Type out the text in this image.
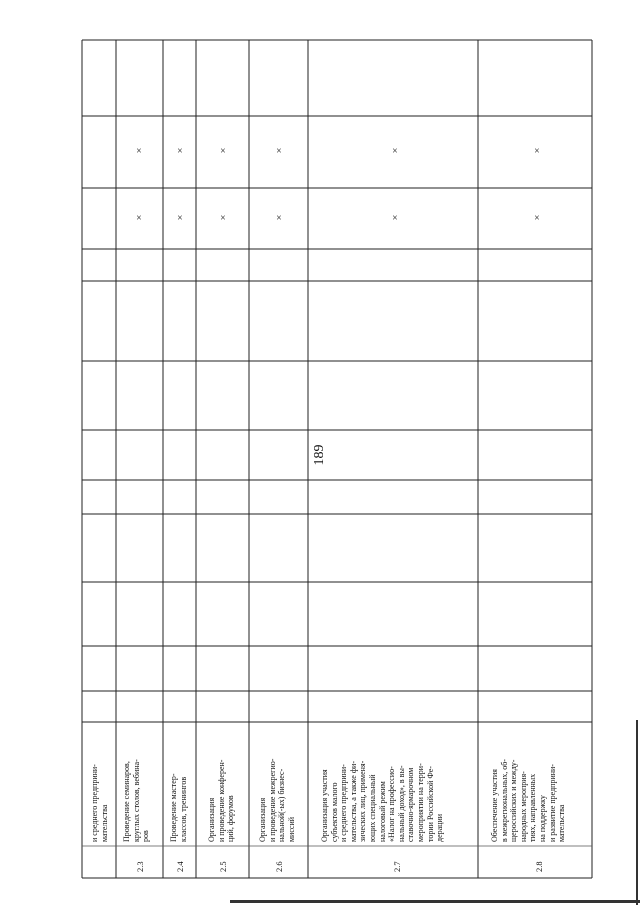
189
и среднего предприни-
мательства Проведение семинаров,
круглых столов, вебина-
ров
2.3
Проведение мастер-
классов, тренингов
2.4
Организация
и проведение конферен-
ций, форумов
2.5
Организация
и проведение межрегио-
нальной(-ых) бизнес-
миссий
2.6
Организация участия
субъектов малого
и среднего предприни-
мательства, а также фи-
зических лиц, применя-
ющих специальный
налоговый режим
«Налог на профессио-
нальный доход», в вы-
ставочно-ярмарочном
мероприятии на терри-
тории Российской Фе-
дерации
2.7
Обеспечение участия
в межрегиональных, об-
щероссийских и между-
народных мероприя-
тиях, направленных
на поддержку
и развитие предприни-
мательства
2.8
×
×
×
×
×
×
×
×
×
×
×
×
